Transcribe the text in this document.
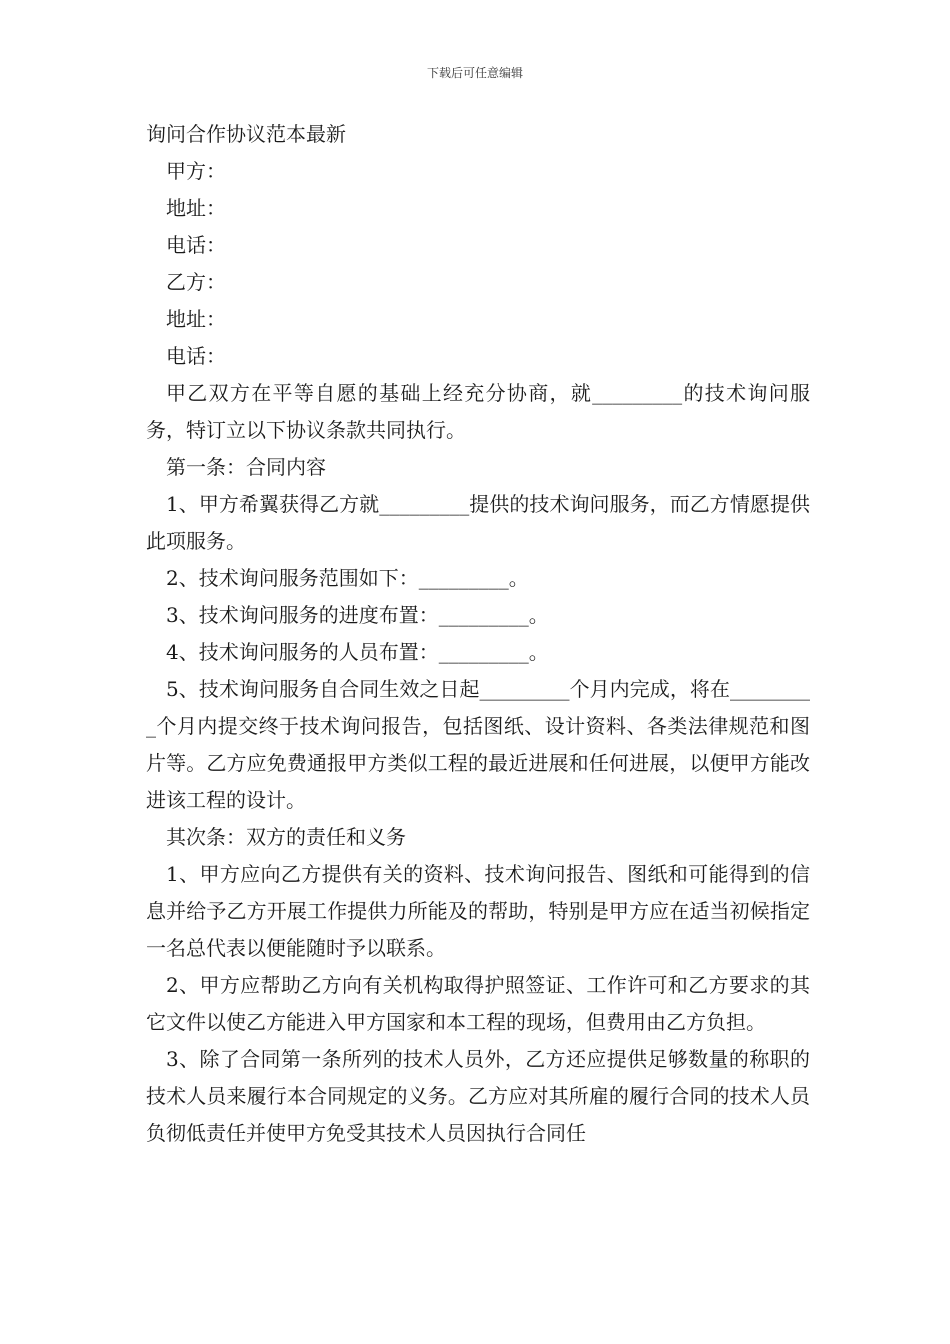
下载后可任意编辑

询问合作协议范本最新

甲方：

地址：

电话：

乙方：

地址：

电话：

甲乙双方在平等自愿的基础上经充分协商，就_________的技术询问服务，特订立以下协议条款共同执行。

第一条：合同内容

1、甲方希翼获得乙方就_________提供的技术询问服务，而乙方情愿提供此项服务。

2、技术询问服务范围如下：_________。

3、技术询问服务的进度布置：_________。

4、技术询问服务的人员布置：_________。

5、技术询问服务自合同生效之日起_________个月内完成，将在_________个月内提交终于技术询问报告，包括图纸、设计资料、各类法律规范和图片等。乙方应免费通报甲方类似工程的最近进展和任何进展，以便甲方能改进该工程的设计。

其次条：双方的责任和义务

1、甲方应向乙方提供有关的资料、技术询问报告、图纸和可能得到的信息并给予乙方开展工作提供力所能及的帮助，特别是甲方应在适当初候指定一名总代表以便能随时予以联系。

2、甲方应帮助乙方向有关机构取得护照签证、工作许可和乙方要求的其它文件以使乙方能进入甲方国家和本工程的现场，但费用由乙方负担。

3、除了合同第一条所列的技术人员外，乙方还应提供足够数量的称职的技术人员来履行本合同规定的义务。乙方应对其所雇的履行合同的技术人员负彻低责任并使甲方免受其技术人员因执行合同任
